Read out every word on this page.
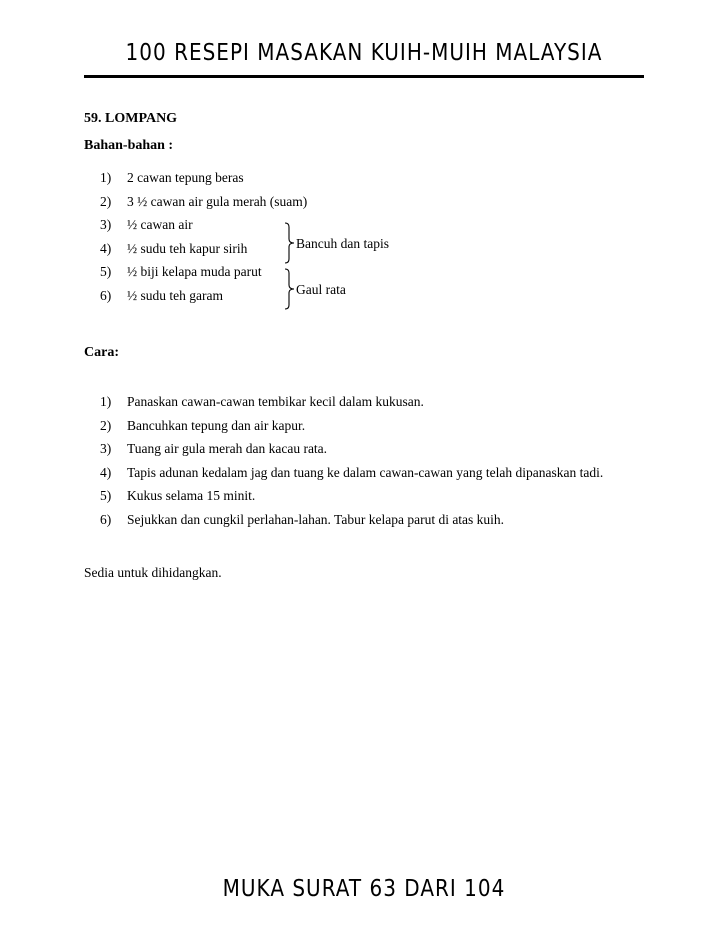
100 RESEPI MASAKAN KUIH-MUIH MALAYSIA
59. LOMPANG
Bahan-bahan :
1) 2 cawan tepung beras
2) 3 ½ cawan air gula merah (suam)
3) ½ cawan air
4) ½ sudu teh kapur sirih
5) ½ biji kelapa muda parut
6) ½ sudu teh garam
Bancuh dan tapis
Gaul rata
Cara:
1) Panaskan cawan-cawan tembikar kecil dalam kukusan.
2) Bancuhkan tepung dan air kapur.
3) Tuang air gula merah dan kacau rata.
4) Tapis adunan kedalam jag dan tuang ke dalam cawan-cawan yang telah dipanaskan tadi.
5) Kukus selama 15 minit.
6) Sejukkan dan cungkil perlahan-lahan. Tabur kelapa parut di atas kuih.
Sedia untuk dihidangkan.
MUKA SURAT 63 DARI 104
